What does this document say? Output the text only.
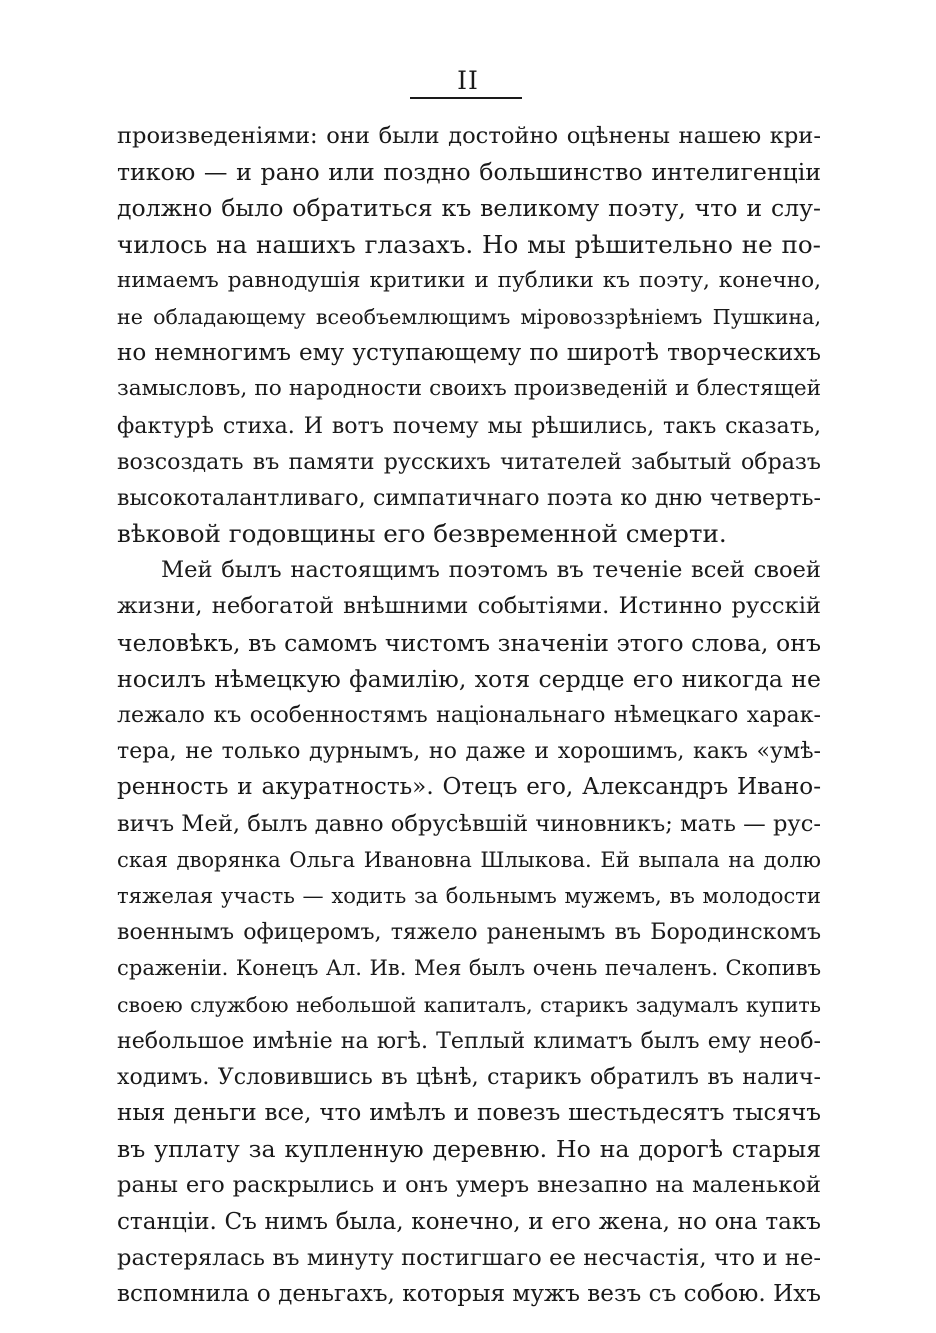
II
произведеніями: они были достойно оцѣнены нашею кри-
тикою — и рано или поздно большинство интелигенціи
должно было обратиться къ великому поэту, что и слу-
чилось на нашихъ глазахъ. Но мы рѣшительно не по-
нимаемъ равнодушія критики и публики къ поэту, конечно,
не обладающему всеобъемлющимъ міровоззрѣніемъ Пушкина,
но немногимъ ему уступающему по широтѣ творческихъ
замысловъ, по народности своихъ произведеній и блестящей
фактурѣ стиха. И вотъ почему мы рѣшились, такъ сказать,
возсоздать въ памяти русскихъ читателей забытый образъ
высокоталантливаго, симпатичнаго поэта ко дню четверть-
вѣковой годовщины его безвременной смерти.
Мей былъ настоящимъ поэтомъ въ теченіе всей своей
жизни, небогатой внѣшними событіями. Истинно русскій
человѣкъ, въ самомъ чистомъ значеніи этого слова, онъ
носилъ нѣмецкую фамилію, хотя сердце его никогда не
лежало къ особенностямъ національнаго нѣмецкаго харак-
тера, не только дурнымъ, но даже и хорошимъ, какъ «умѣ-
ренность и акуратность». Отецъ его, Александръ Ивано-
вичъ Мей, былъ давно обрусѣвшій чиновникъ; мать — рус-
ская дворянка Ольга Ивановна Шлыкова. Ей выпала на долю
тяжелая участь — ходить за больнымъ мужемъ, въ молодости
военнымъ офицеромъ, тяжело раненымъ въ Бородинскомъ
сраженіи. Конецъ Ал. Ив. Мея былъ очень печаленъ. Скопивъ
своею службою небольшой капиталъ, старикъ задумалъ купить
небольшое имѣніе на югѣ. Теплый климатъ былъ ему необ-
ходимъ. Условившись въ цѣнѣ, старикъ обратилъ въ налич-
ныя деньги все, что имѣлъ и повезъ шестьдесятъ тысячъ
въ уплату за купленную деревню. Но на дорогѣ старыя
раны его раскрылись и онъ умеръ внезапно на маленькой
станціи. Съ нимъ была, конечно, и его жена, но она такъ
растерялась въ минуту постигшаго ее несчастія, что и не-
вспомнила о деньгахъ, которыя мужъ везъ съ собою. Ихъ
